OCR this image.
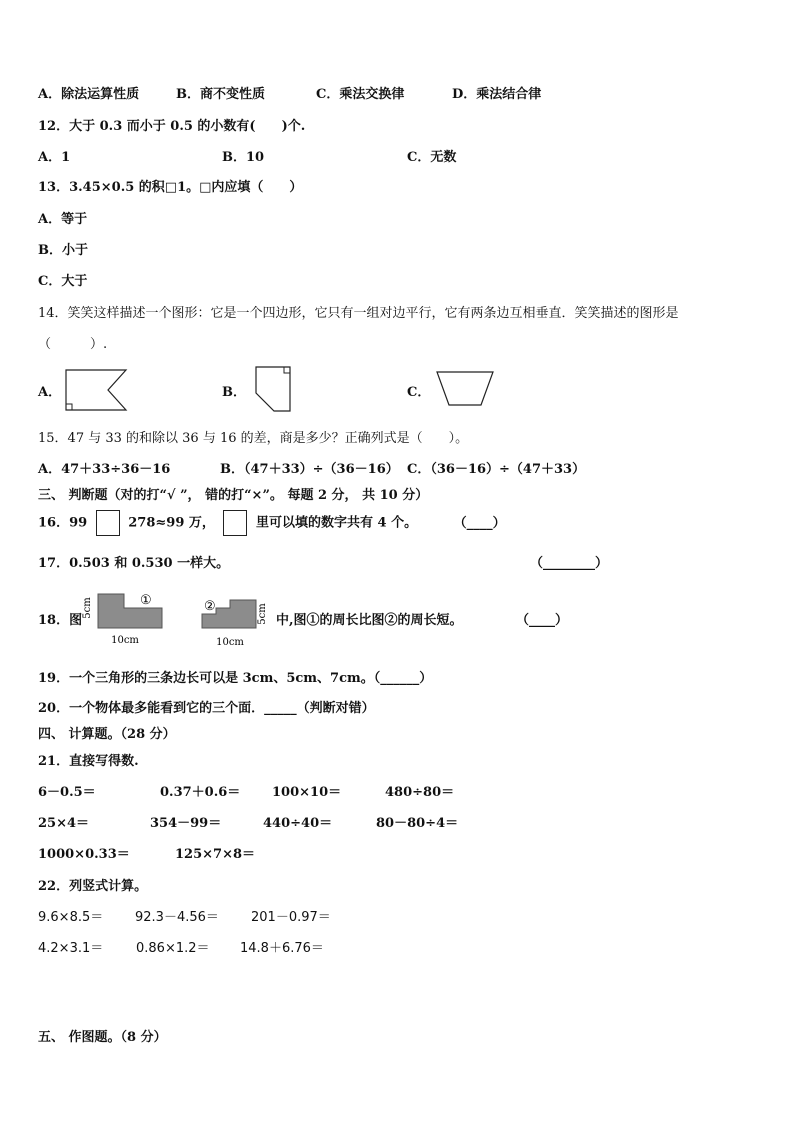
A．除法运算性质	B．商不变性质	C．乘法交换律	D．乘法结合律
12．大于 0.3 而小于 0.5 的小数有(　　)个.
A．1	B．10	C．无数
13．3.45×0.5 的积□1。□内应填（　　）
A．等于
B．小于
C．大于
14．笑笑这样描述一个图形：它是一个四边形，它只有一组对边平行，它有两条边互相垂直．笑笑描述的图形是
（　　　）.
A．	B．	C．
15．47 与 33 的和除以 36 与 16 的差，商是多少？正确列式是（　　）。
A．47＋33÷36－16	B．（47＋33）÷（36－16） C．（36－16）÷（47＋33）
三、 判断题（对的打“√ ”， 错的打“×”。 每题 2 分， 共 10 分）
16．99	278≈99 万，	里可以填的数字共有 4 个。	（____）
17．0.503 和 0.530 一样大。	（________）
18．图
5cm	①
10cm
②	5cm
10cm
中,图①的周长比图②的周长短。	（____）
19．一个三角形的三条边长可以是 3cm、5cm、7cm。（______）
20．一个物体最多能看到它的三个面．_____（判断对错）
四、 计算题。（28 分）
21．直接写得数.
6－0.5＝	0.37＋0.6＝ 100×10＝	480÷80＝
25×4＝	354－99＝	440÷40＝	80－80÷4＝
1000×0.33＝	125×7×8＝
22．列竖式计算。
9.6×8.5＝ 92.3－4.56＝ 201－0.97＝
4.2×3.1＝	0.86×1.2＝ 14.8＋6.76＝
五、 作图题。（8 分）
